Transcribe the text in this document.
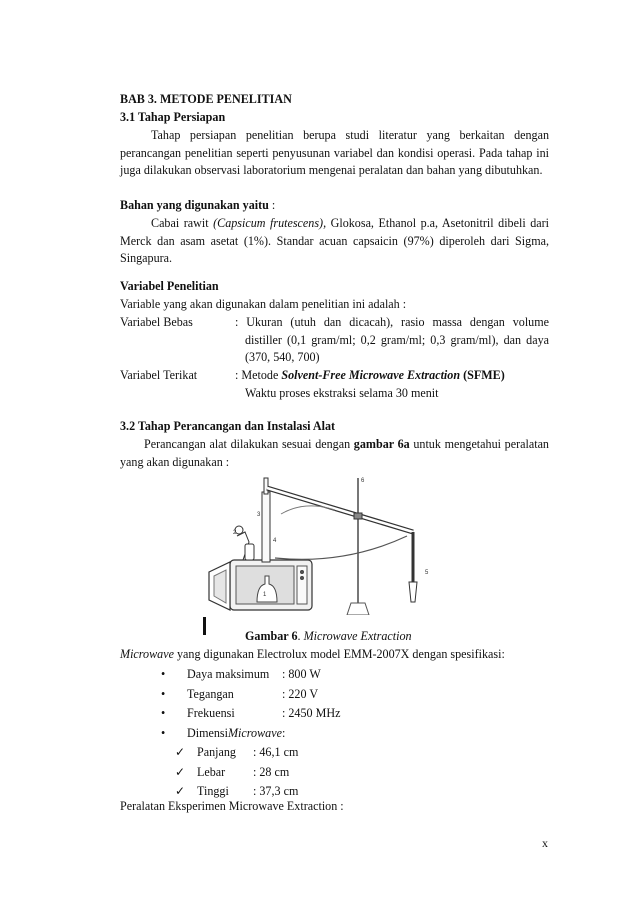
BAB 3. METODE PENELITIAN
3.1 Tahap Persiapan
Tahap persiapan penelitian berupa studi literatur yang berkaitan dengan perancangan penelitian seperti penyusunan variabel dan kondisi operasi. Pada tahap ini juga dilakukan observasi laboratorium mengenai peralatan dan bahan yang dibutuhkan.
Bahan yang digunakan yaitu :
Cabai rawit (Capsicum frutescens), Glokosa, Ethanol p.a, Asetonitril dibeli dari Merck dan asam asetat (1%). Standar acuan capsaicin (97%) diperoleh dari Sigma, Singapura.
Variabel Penelitian
Variable yang akan digunakan dalam penelitian ini adalah :
Variabel Bebas	: Ukuran (utuh dan dicacah), rasio massa dengan volume distiller (0,1 gram/ml; 0,2 gram/ml; 0,3 gram/ml), dan daya (370, 540, 700)
Variabel Terikat	: Metode Solvent-Free Microwave Extraction (SFME)
Waktu proses ekstraksi selama 30 menit
3.2 Tahap Perancangan dan Instalasi Alat
Perancangan alat dilakukan sesuai dengan gambar 6a untuk mengetahui peralatan yang akan digunakan :
1
2
3
4
5
6
Gambar 6. Microwave Extraction
Microwave yang digunakan Electrolux model EMM-2007X dengan spesifikasi:
•	Daya maksimum	: 800 W
•	Tegangan	: 220 V
•	Frekuensi	: 2450 MHz
•	Dimensi Microwave :
✓ Panjang	: 46,1 cm
✓ Lebar	: 28 cm
✓ Tinggi	: 37,3 cm
Peralatan Eksperimen Microwave Extraction :
x
